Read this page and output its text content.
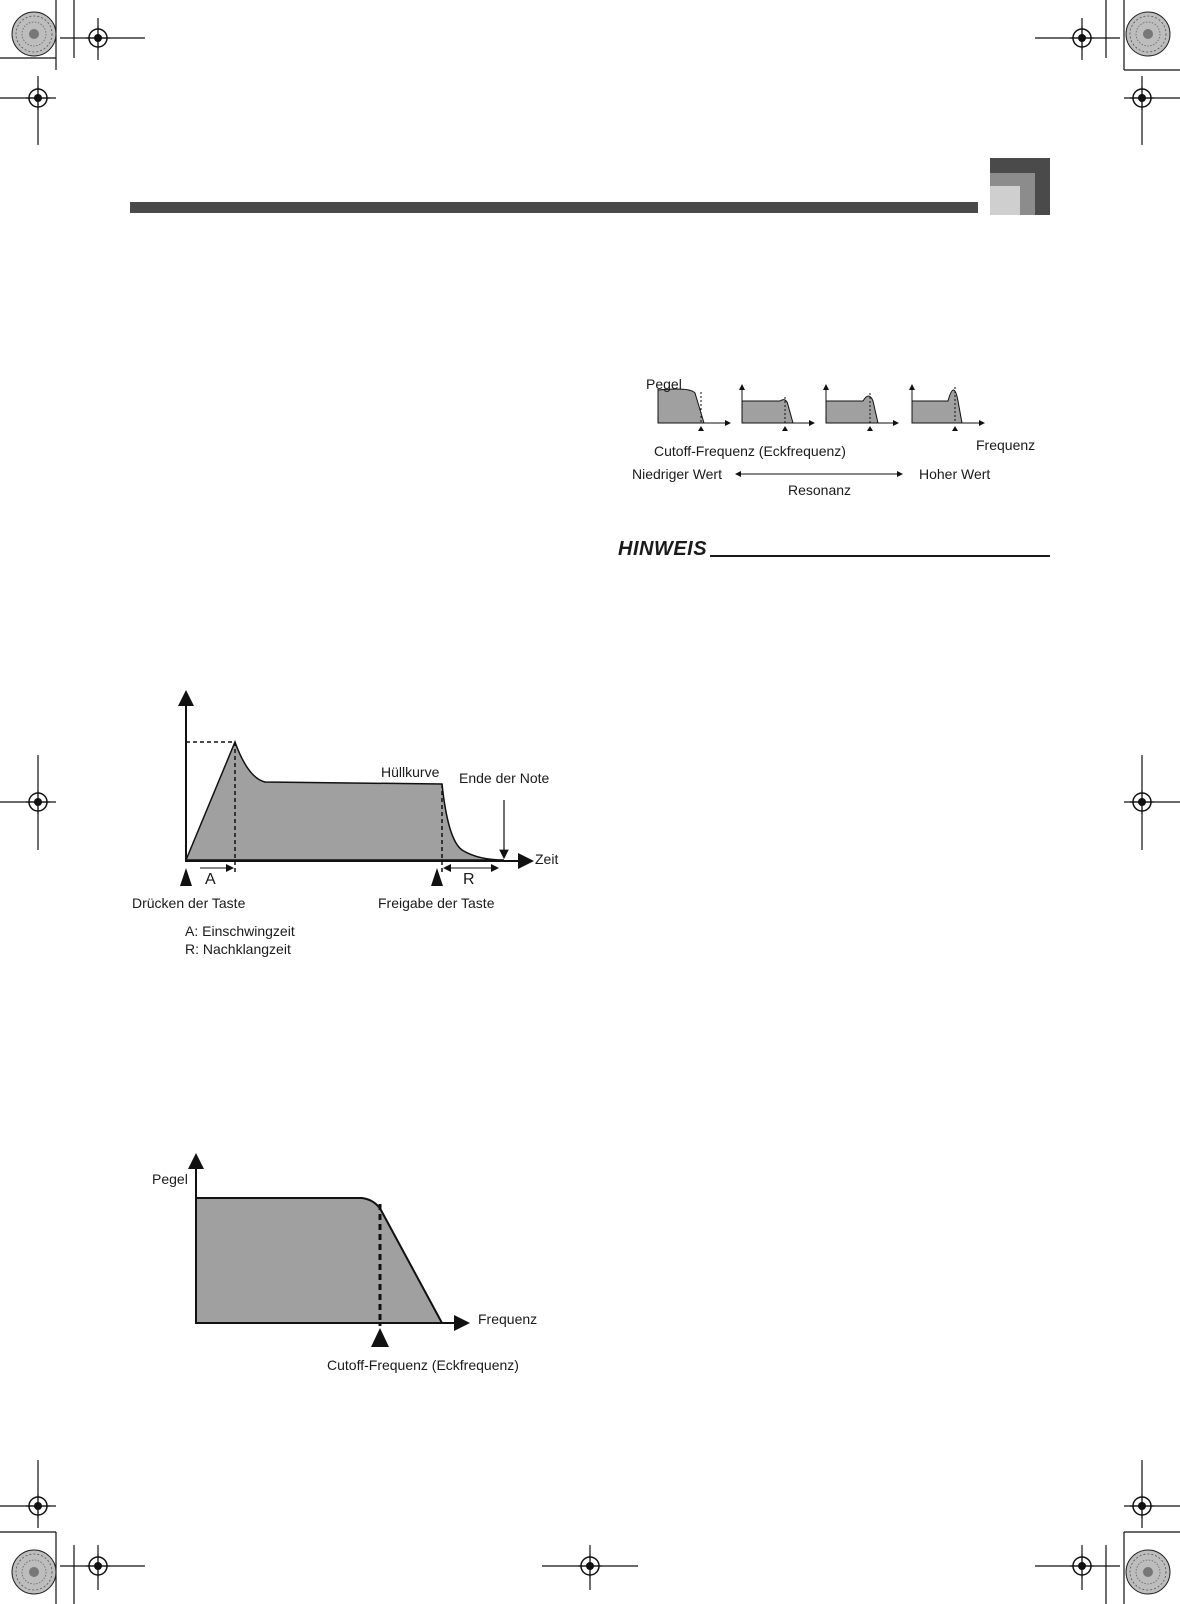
Pegel
Cutoff-Frequenz (Eckfrequenz)	Frequenz
Niedriger Wert	Hoher Wert
Resonanz
HINWEIS
Hüllkurve Ende der Note
Zeit
A	R
Drücken der Taste	Freigabe der Taste
A: Einschwingzeit
R: Nachklangzeit
Pegel
Frequenz
Cutoff-Frequenz (Eckfrequenz)
